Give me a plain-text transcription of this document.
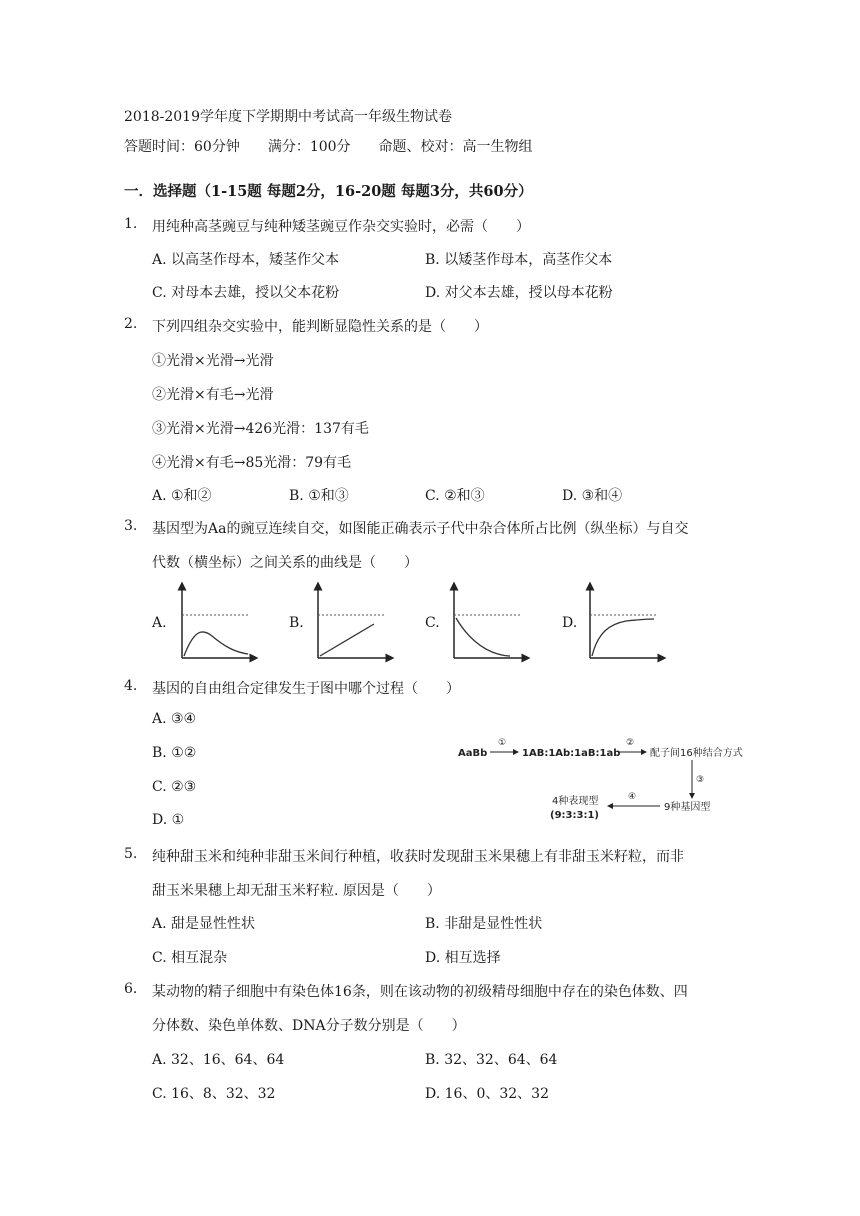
2018-2019学年度下学期期中考试高一年级生物试卷
答题时间：60分钟　　满分：100分　　命题、校对：高一生物组
一．选择题（1-15题 每题2分，16-20题 每题3分，共60分）
1. 用纯种高茎豌豆与纯种矮茎豌豆作杂交实验时，必需（　　）
A. 以高茎作母本，矮茎作父本	B. 以矮茎作母本，高茎作父本
C. 对母本去雄，授以父本花粉	D. 对父本去雄，授以母本花粉
2. 下列四组杂交实验中，能判断显隐性关系的是（　　）
①光滑×光滑→光滑
②光滑×有毛→光滑
③光滑×光滑→426光滑：137有毛
④光滑×有毛→85光滑：79有毛
A. ①和②	B. ①和③	C. ②和③	D. ③和④
3. 基因型为Aa的豌豆连续自交，如图能正确表示子代中杂合体所占比例（纵坐标）与自交
代数（横坐标）之间关系的曲线是（　　）
A.	B.	C.	D.
4. 基因的自由组合定律发生于图中哪个过程（　　）
A. ③④
B. ①②
C. ②③
D. ①
AaBb
①
1AB:1Ab:1aB:1ab
②
配子间16种结合方式
③
9种基因型
④
4种表现型
(9:3:3:1)
5. 纯种甜玉米和纯种非甜玉米间行种植，收获时发现甜玉米果穗上有非甜玉米籽粒，而非
甜玉米果穗上却无甜玉米籽粒. 原因是（　　）
A. 甜是显性性状	B. 非甜是显性性状
C. 相互混杂	D. 相互选择
6. 某动物的精子细胞中有染色体16条，则在该动物的初级精母细胞中存在的染色体数、四
分体数、染色单体数、DNA分子数分别是（　　）
A. 32、16、64、64	B. 32、32、64、64
C. 16、8、32、32	D. 16、0、32、32
